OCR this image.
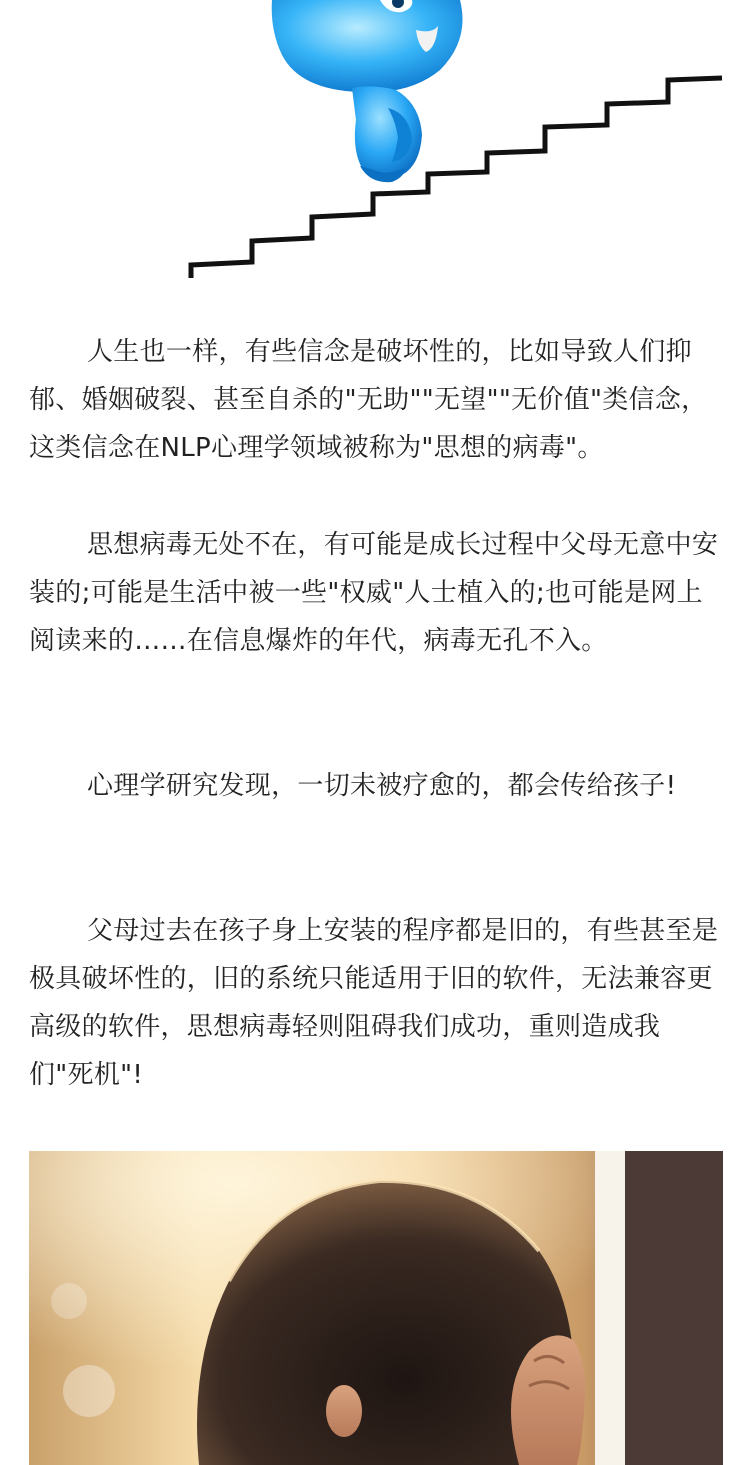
人生也一样，有些信念是破坏性的，比如导致人们抑郁、婚姻破裂、甚至自杀的"无助""无望""无价值"类信念，这类信念在NLP心理学领域被称为"思想的病毒"。

思想病毒无处不在，有可能是成长过程中父母无意中安装的;可能是生活中被一些"权威"人士植入的;也可能是网上阅读来的……在信息爆炸的年代，病毒无孔不入。

心理学研究发现，一切未被疗愈的，都会传给孩子!

父母过去在孩子身上安装的程序都是旧的，有些甚至是极具破坏性的，旧的系统只能适用于旧的软件，无法兼容更高级的软件，思想病毒轻则阻碍我们成功，重则造成我们"死机"!
